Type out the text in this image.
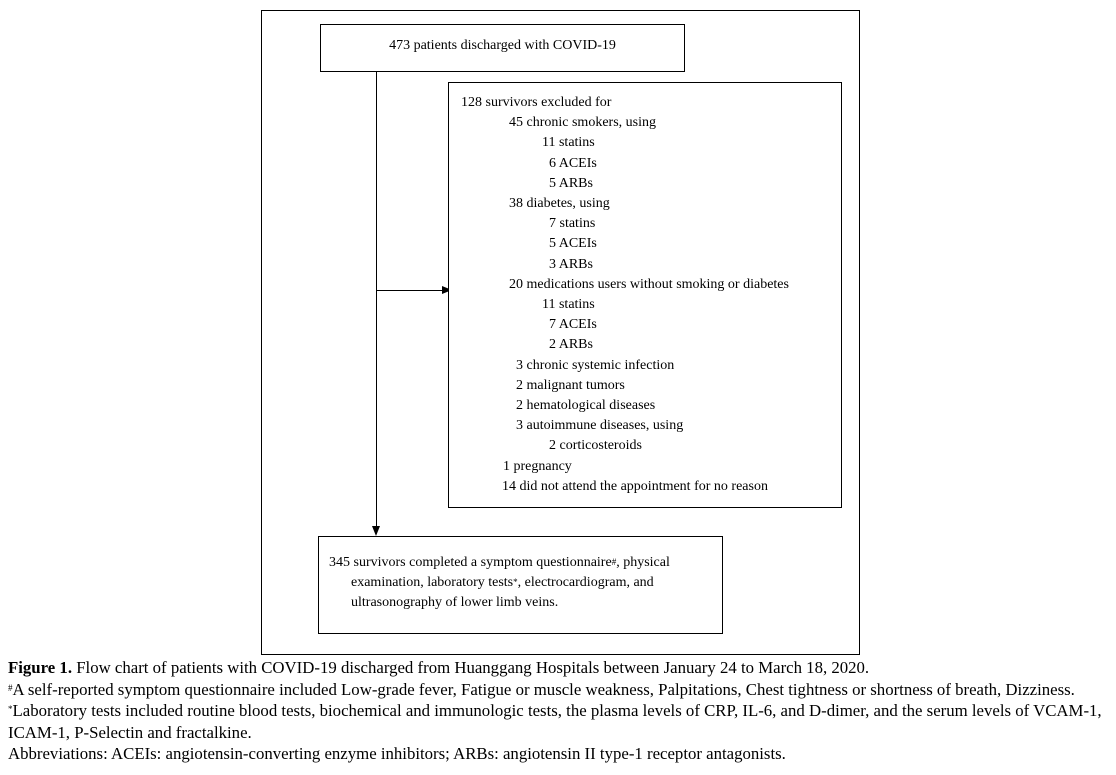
473 patients discharged with COVID-19
128 survivors excluded for
45 chronic smokers, using
11 statins
6 ACEIs
5 ARBs
38 diabetes, using
7 statins
5 ACEIs
3 ARBs
20 medications users without smoking or diabetes
11 statins
7 ACEIs
2 ARBs
3 chronic systemic infection
2 malignant tumors
2 hematological diseases
3 autoimmune diseases, using
2 corticosteroids
1 pregnancy
14 did not attend the appointment for no reason
345 survivors completed a symptom questionnaire#, physical
examination, laboratory tests*, electrocardiogram, and
ultrasonography of lower limb veins.

Figure 1. Flow chart of patients with COVID-19 discharged from Huanggang Hospitals between January 24 to March 18, 2020.

#A self-reported symptom questionnaire included Low-grade fever, Fatigue or muscle weakness, Palpitations, Chest tightness or shortness of breath, Dizziness. *Laboratory tests included routine blood tests, biochemical and immunologic tests, the plasma levels of CRP, IL-6, and D-dimer, and the serum levels of VCAM-1, ICAM-1, P-Selectin and fractalkine.

Abbreviations: ACEIs: angiotensin-converting enzyme inhibitors; ARBs: angiotensin II type-1 receptor antagonists.
